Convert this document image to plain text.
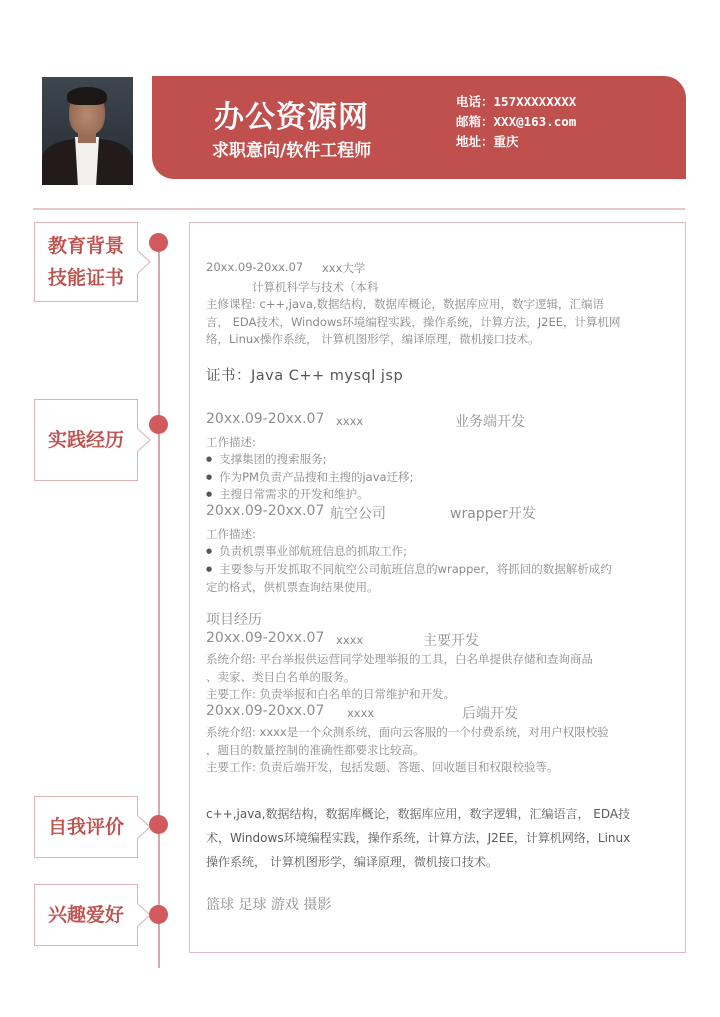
办公资源网
求职意向/软件工程师
电话：157XXXXXXXX
邮箱：XXX@163.com
地址：重庆
教育背景
技能证书
实践经历
自我评价
兴趣爱好
20xx.09-20xx.07 xxx大学
计算机科学与技术（本科
主修课程: c++,java,数据结构，数据库概论，数据库应用，数字逻辑，汇编语
言， EDA技术，Windows环境编程实践，操作系统，计算方法，J2EE，计算机网
络，Linux操作系统， 计算机图形学，编译原理，微机接口技术。
证书：Java C++ mysql jsp
20xx.09-20xx.07 xxxx	业务端开发
工作描述:
● 支撑集团的搜索服务;
● 作为PM负责产品搜和主搜的java迁移;
● 主搜日常需求的开发和维护。
20xx.09-20xx.07 航空公司	wrapper开发
工作描述:
● 负责机票事业部航班信息的抓取工作;
● 主要参与开发抓取不同航空公司航班信息的wrapper，将抓回的数据解析成约
定的格式，供机票查询结果使用。
项目经历
20xx.09-20xx.07 xxxx	主要开发
系统介绍: 平台举报供运营同学处理举报的工具，白名单提供存储和查询商品
、卖家、类目白名单的服务。
主要工作: 负责举报和白名单的日常维护和开发。
20xx.09-20xx.07 xxxx	后端开发
系统介绍: xxxx是一个众测系统，面向云客服的一个付费系统，对用户权限校验
，题目的数量控制的准确性都要求比较高。
主要工作: 负责后端开发，包括发题、答题、回收题目和权限校验等。
c++,java,数据结构，数据库概论，数据库应用，数字逻辑，汇编语言， EDA技
术，Windows环境编程实践，操作系统，计算方法，J2EE，计算机网络，Linux
操作系统， 计算机图形学，编译原理，微机接口技术。
篮球 足球 游戏 摄影
